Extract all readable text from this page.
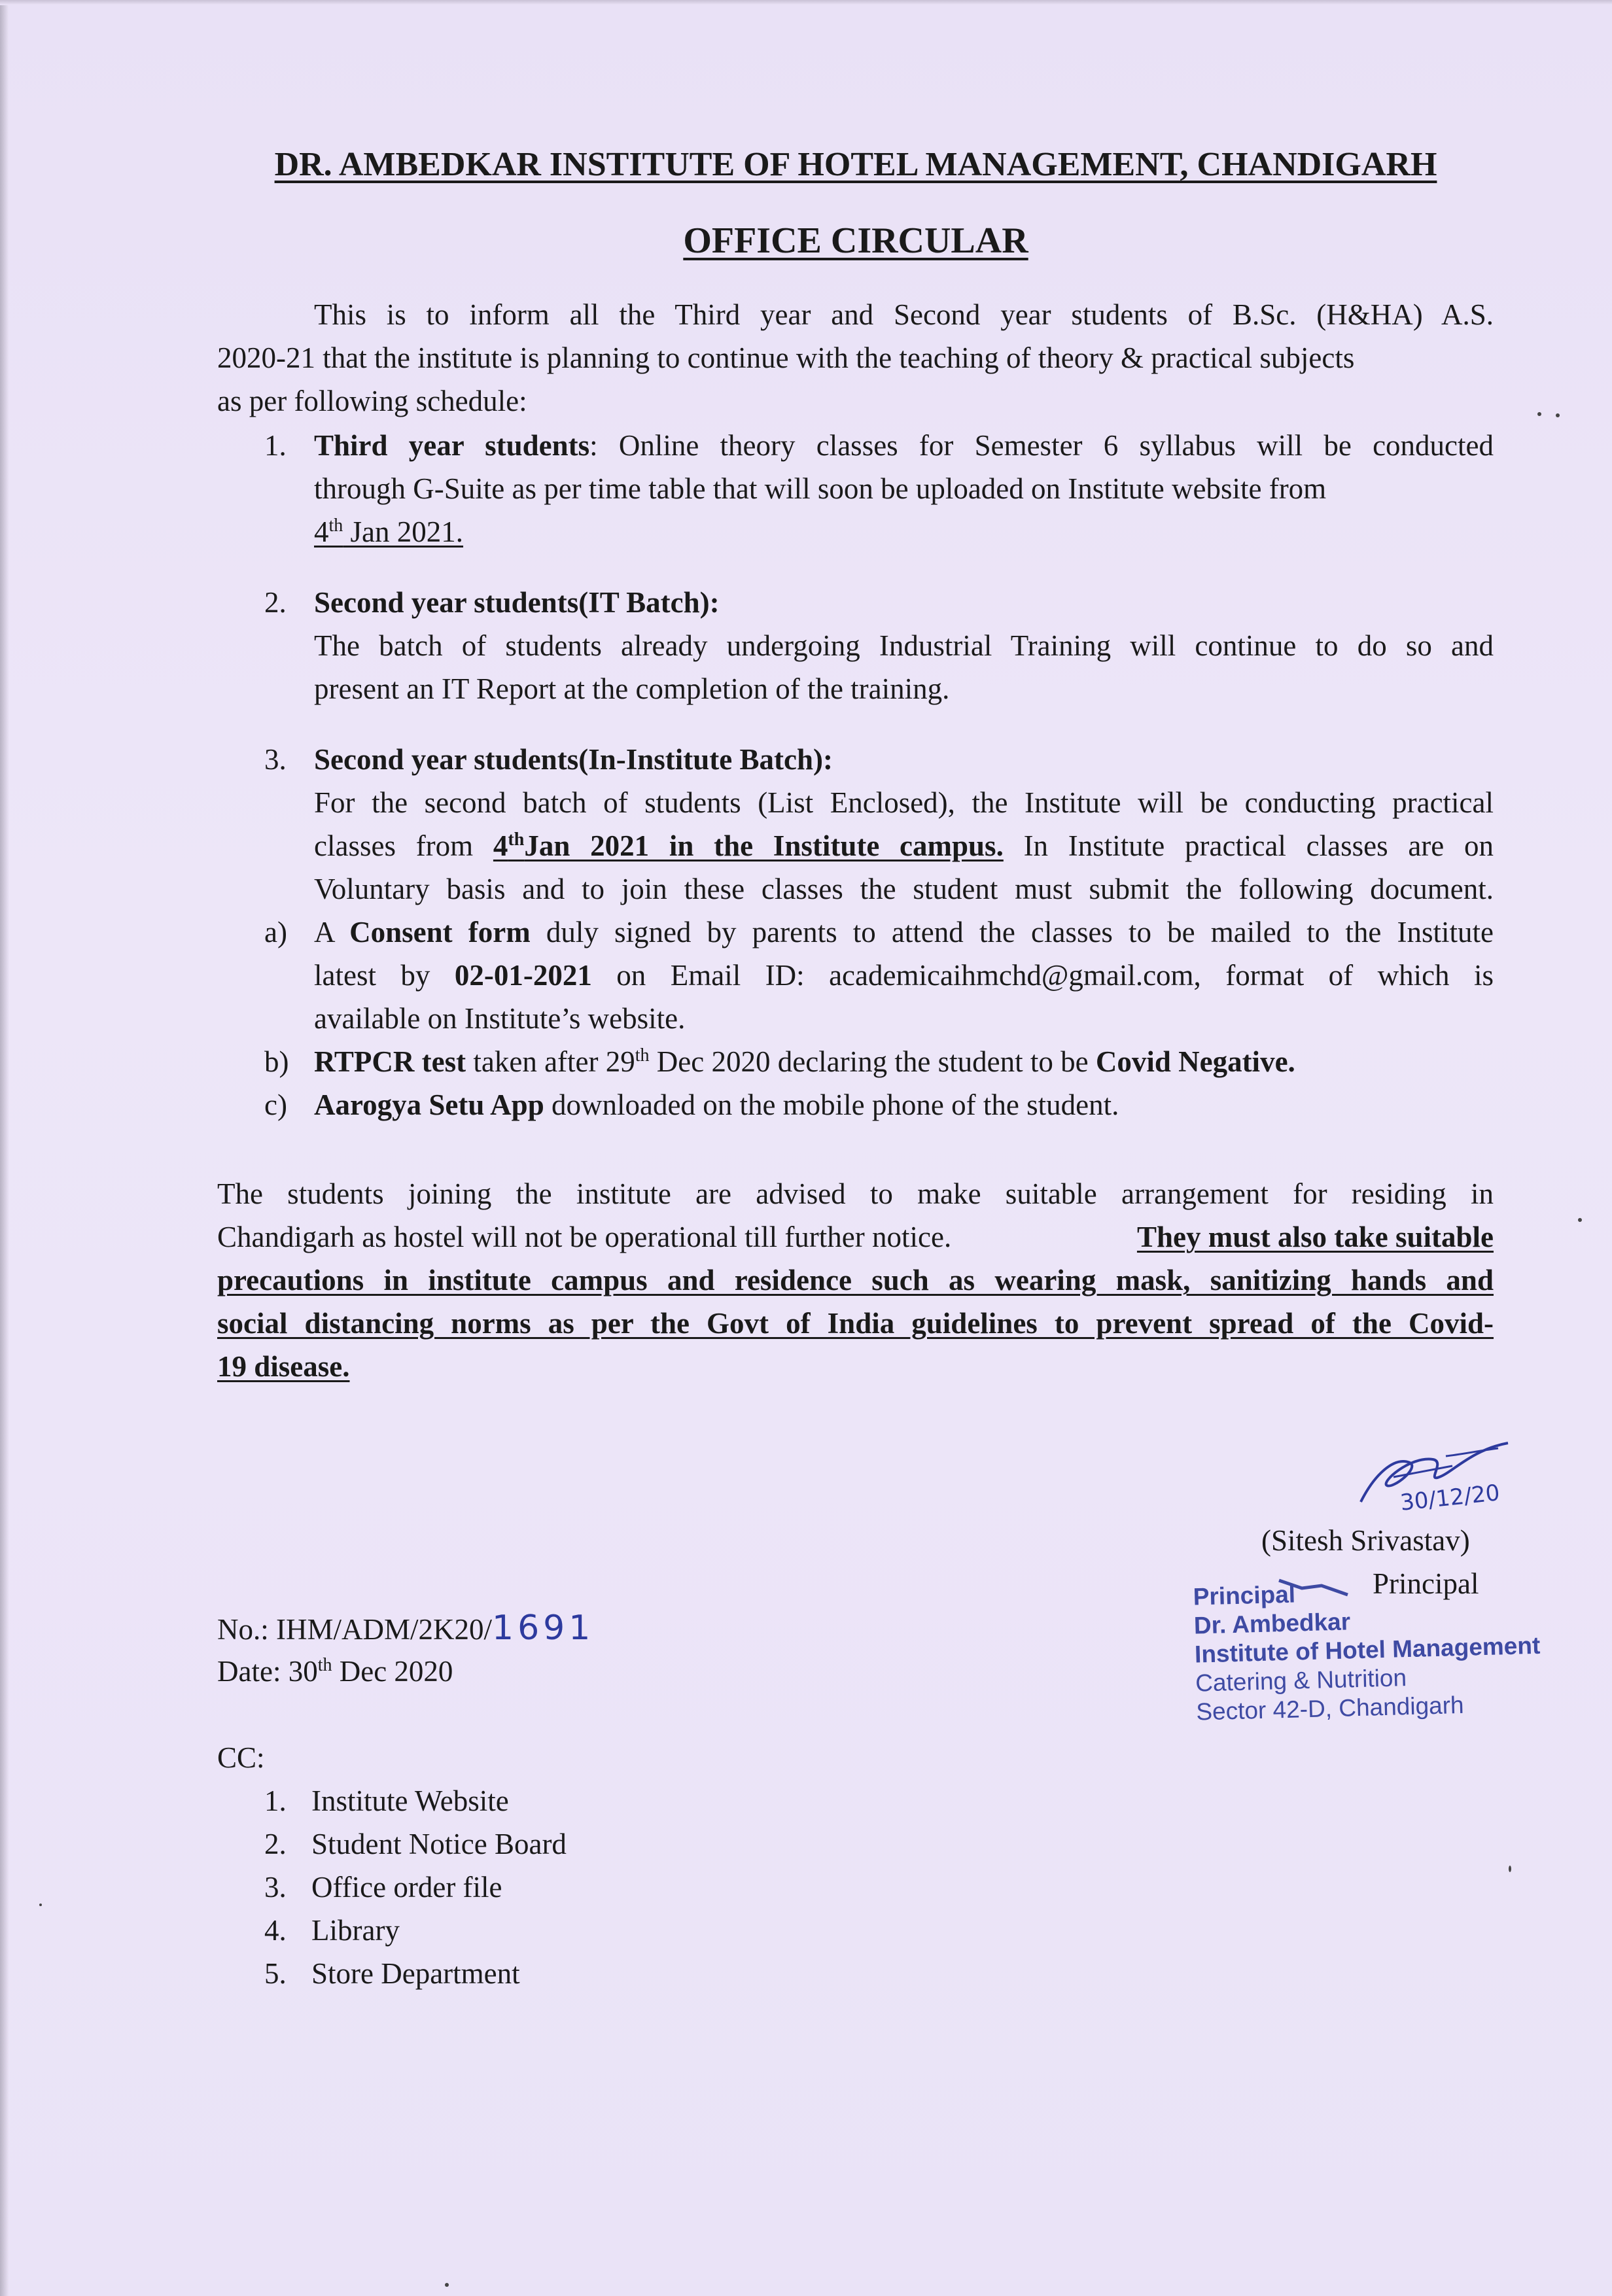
DR. AMBEDKAR INSTITUTE OF HOTEL MANAGEMENT, CHANDIGARH
OFFICE CIRCULAR
This is to inform all the Third year and Second year students of B.Sc. (H&HA) A.S.
2020-21 that the institute is planning to continue with the teaching of theory & practical subjects
as per following schedule:
1. Third year students: Online theory classes for Semester 6 syllabus will be conducted
through G-Suite as per time table that will soon be uploaded on Institute website from
4th Jan 2021.
2. Second year students(IT Batch):
The batch of students already undergoing Industrial Training will continue to do so and
present an IT Report at the completion of the training.
3. Second year students(In-Institute Batch):
For the second batch of students (List Enclosed), the Institute will be conducting practical
classes from 4thJan 2021 in the Institute campus. In Institute practical classes are on
Voluntary basis and to join these classes the student must submit the following document.
a) A Consent form duly signed by parents to attend the classes to be mailed to the Institute
latest by 02-01-2021 on Email ID: academicaihmchd@gmail.com, format of which is
available on Institute’s website.
b) RTPCR test taken after 29th Dec 2020 declaring the student to be Covid Negative.
c) Aarogya Setu App downloaded on the mobile phone of the student.
The students joining the institute are advised to make suitable arrangement for residing in
Chandigarh as hostel will not be operational till further notice.	They must also take suitable
precautions in institute campus and residence such as wearing mask, sanitizing hands and
social distancing norms as per the Govt of India guidelines to prevent spread of the Covid-
19 disease.
30/12/20
(Sitesh Srivastav)
Principal
Principal
Dr. Ambedkar
Institute of Hotel Management
Catering & Nutrition
Sector 42-D, Chandigarh
No.: IHM/ADM/2K20/1691
Date: 30th Dec 2020
CC:
1. Institute Website
2. Student Notice Board
3. Office order file
4. Library
5. Store Department
